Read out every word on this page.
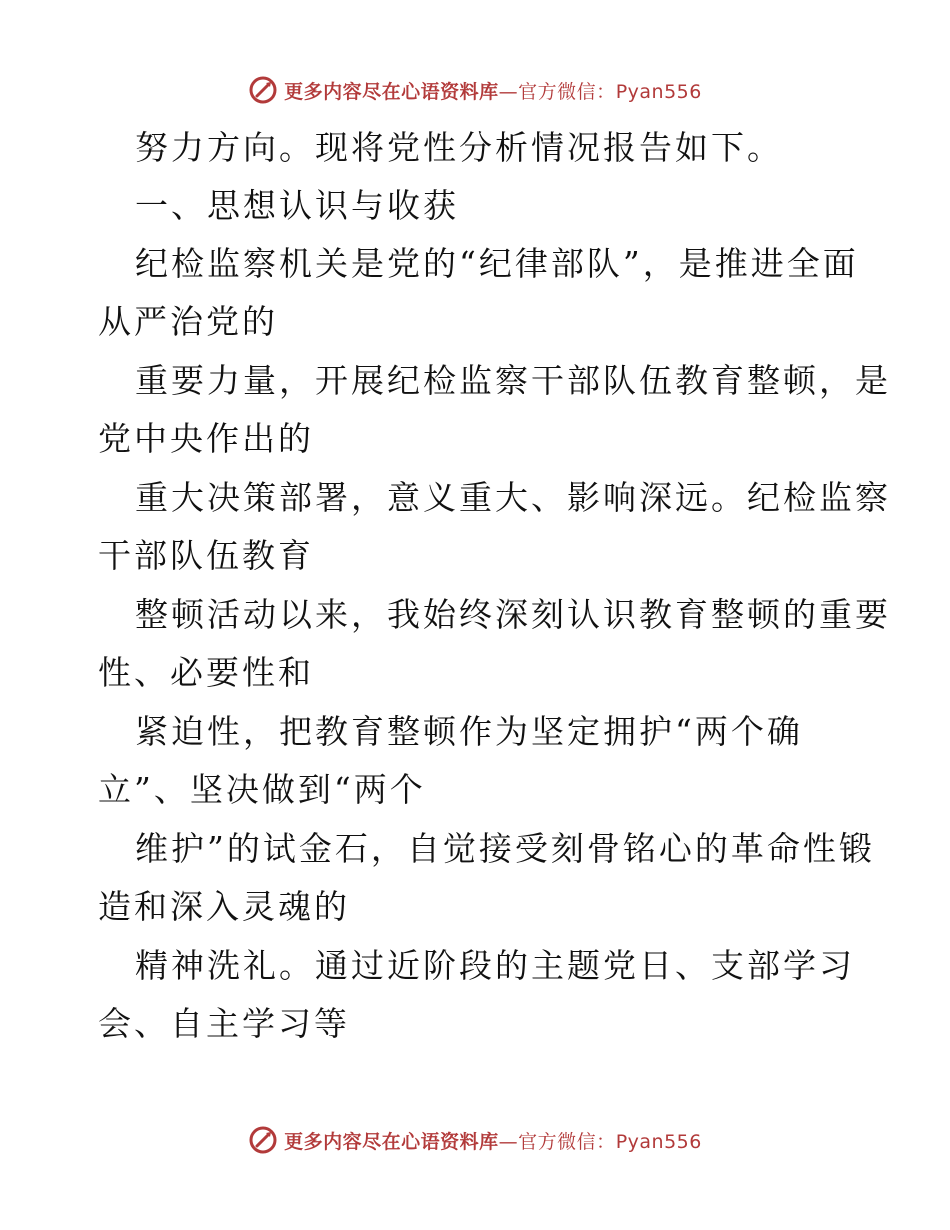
更多内容尽在心语资料库—官方微信：Pyan556
努力方向。现将党性分析情况报告如下。
一、思想认识与收获
纪检监察机关是党的“纪律部队”，是推进全面
从严治党的
重要力量，开展纪检监察干部队伍教育整顿，是
党中央作出的
重大决策部署，意义重大、影响深远。纪检监察
干部队伍教育
整顿活动以来，我始终深刻认识教育整顿的重要
性、必要性和
紧迫性，把教育整顿作为坚定拥护“两个确
立”、坚决做到“两个
维护”的试金石，自觉接受刻骨铭心的革命性锻
造和深入灵魂的
精神洗礼。通过近阶段的主题党日、支部学习
会、自主学习等
更多内容尽在心语资料库—官方微信：Pyan556
